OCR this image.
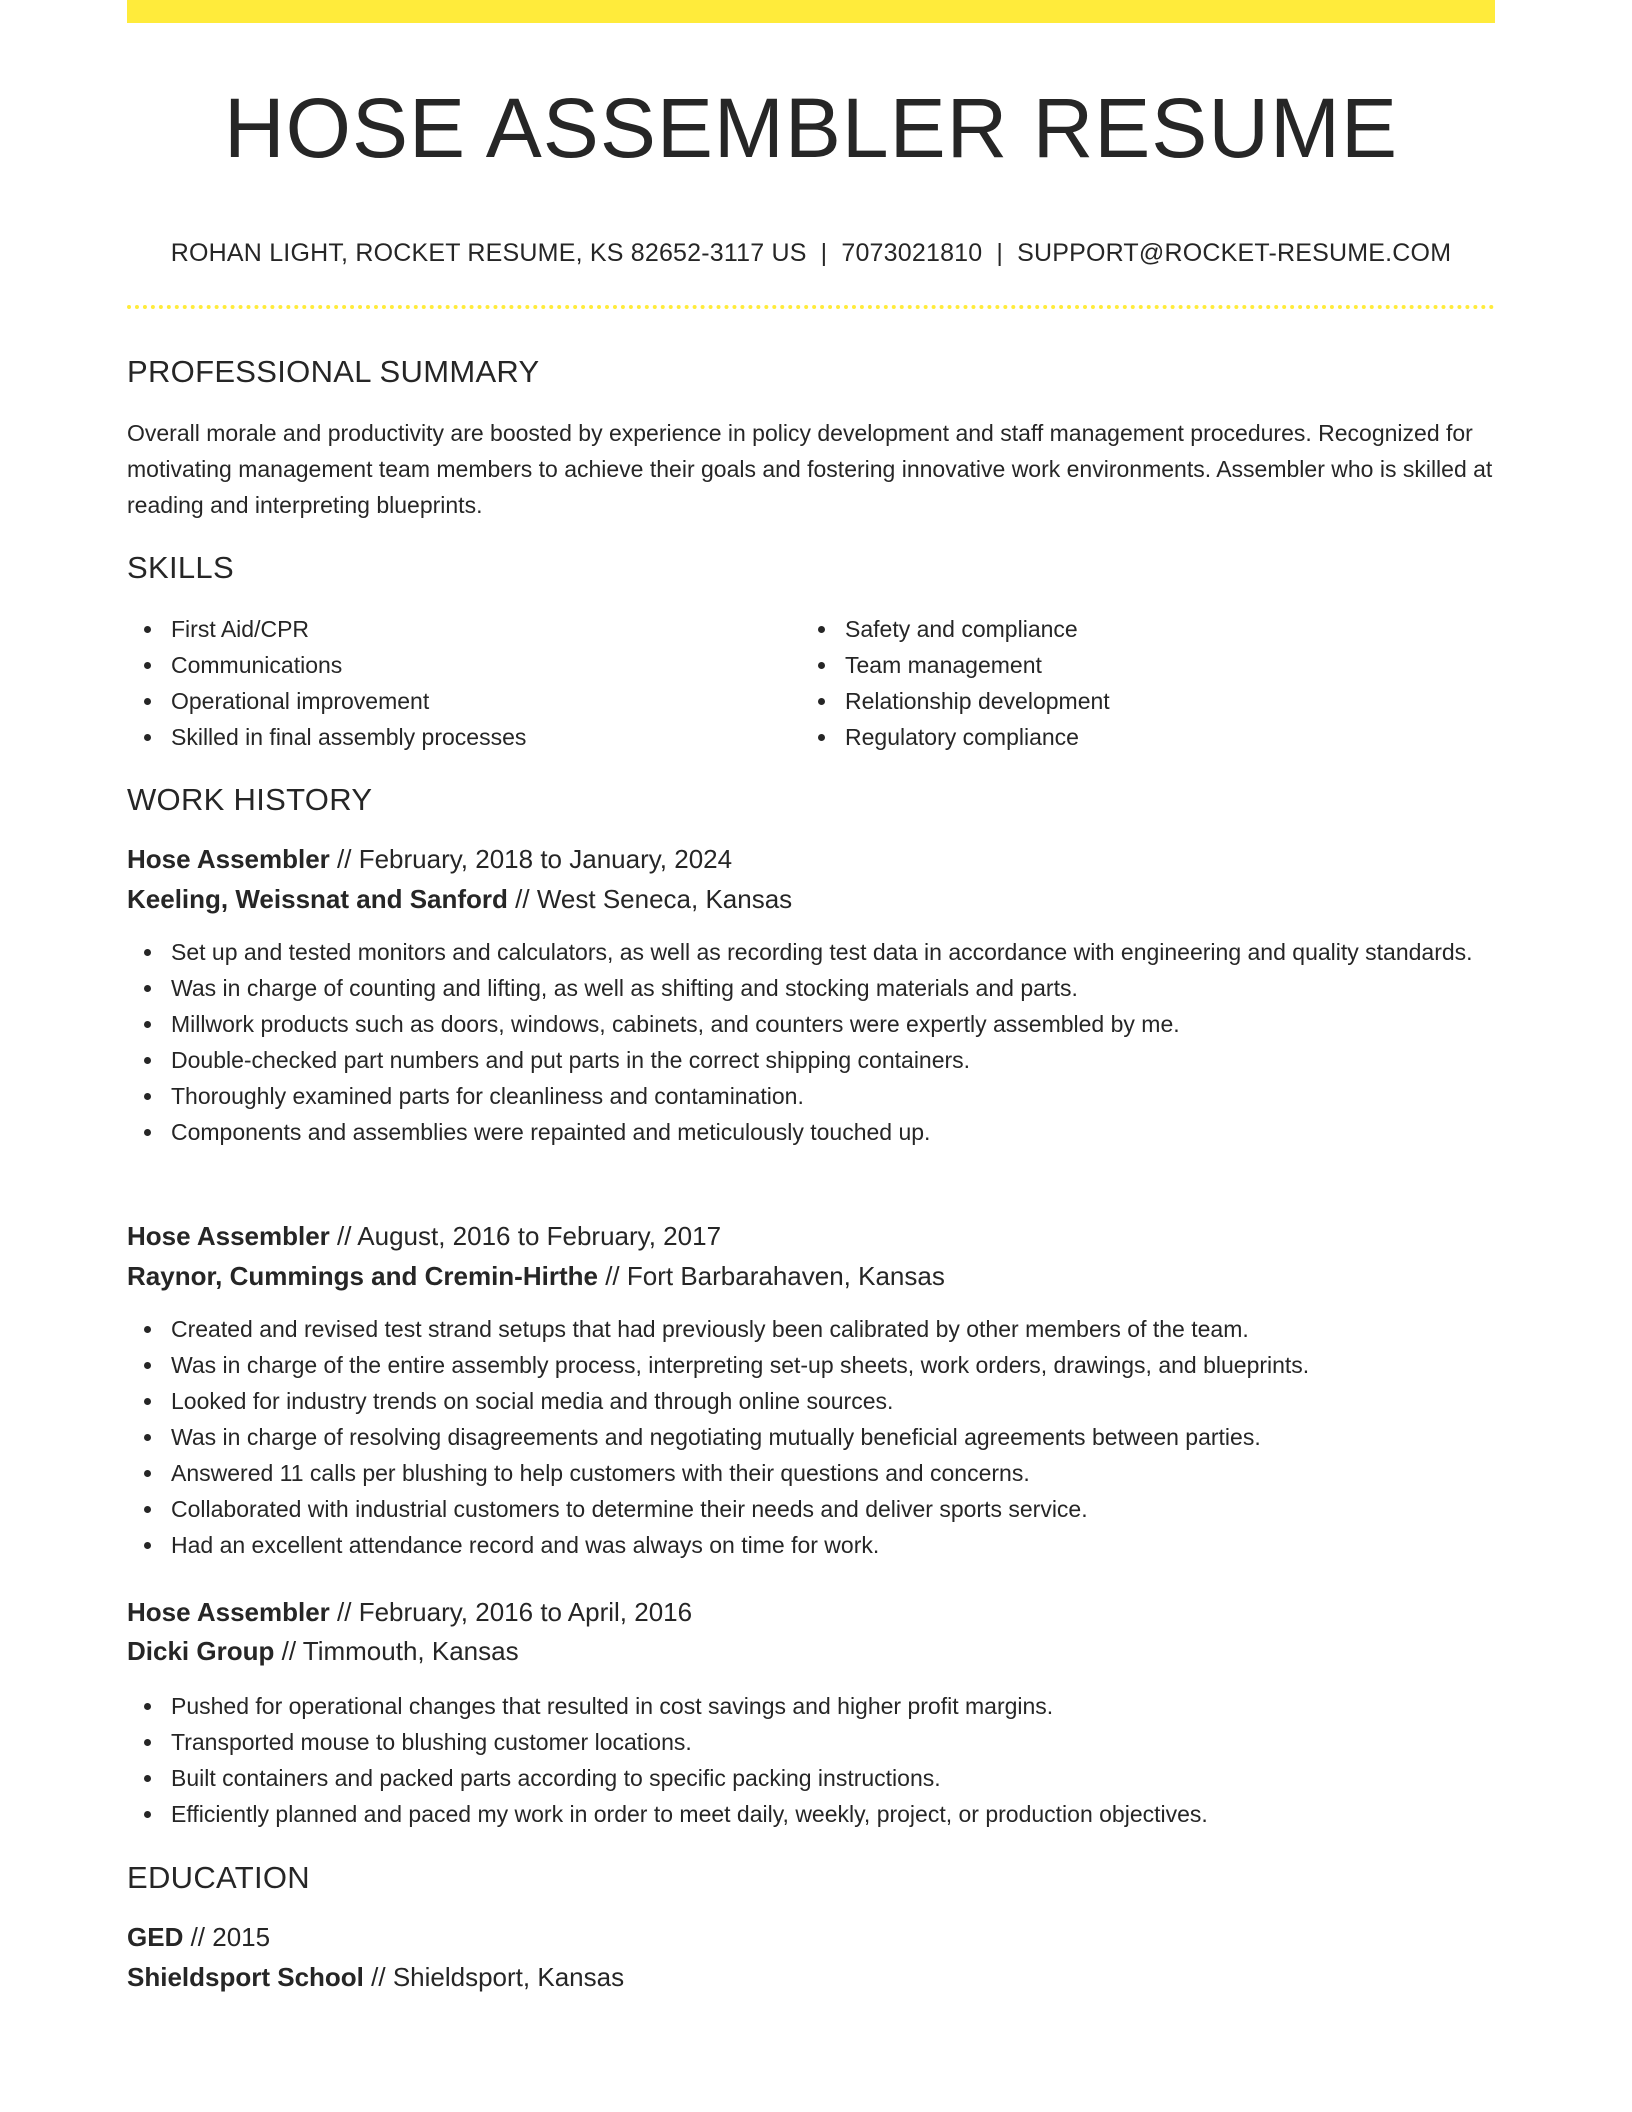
HOSE ASSEMBLER RESUME
ROHAN LIGHT, ROCKET RESUME, KS 82652-3117 US | 7073021810 | SUPPORT@ROCKET-RESUME.COM
PROFESSIONAL SUMMARY

Overall morale and productivity are boosted by experience in policy development and staff management procedures. Recognized for motivating management team members to achieve their goals and fostering innovative work environments. Assembler who is skilled at reading and interpreting blueprints.

SKILLS
First Aid/CPR
Communications
Operational improvement
Skilled in final assembly processes
Safety and compliance
Team management
Relationship development
Regulatory compliance
WORK HISTORY
Hose Assembler // February, 2018 to January, 2024
Keeling, Weissnat and Sanford // West Seneca, Kansas
Set up and tested monitors and calculators, as well as recording test data in accordance with engineering and quality standards.
Was in charge of counting and lifting, as well as shifting and stocking materials and parts.
Millwork products such as doors, windows, cabinets, and counters were expertly assembled by me.
Double-checked part numbers and put parts in the correct shipping containers.
Thoroughly examined parts for cleanliness and contamination.
Components and assemblies were repainted and meticulously touched up.
Hose Assembler // August, 2016 to February, 2017
Raynor, Cummings and Cremin-Hirthe // Fort Barbarahaven, Kansas
Created and revised test strand setups that had previously been calibrated by other members of the team.
Was in charge of the entire assembly process, interpreting set-up sheets, work orders, drawings, and blueprints.
Looked for industry trends on social media and through online sources.
Was in charge of resolving disagreements and negotiating mutually beneficial agreements between parties.
Answered 11 calls per blushing to help customers with their questions and concerns.
Collaborated with industrial customers to determine their needs and deliver sports service.
Had an excellent attendance record and was always on time for work.
Hose Assembler // February, 2016 to April, 2016
Dicki Group // Timmouth, Kansas
Pushed for operational changes that resulted in cost savings and higher profit margins.
Transported mouse to blushing customer locations.
Built containers and packed parts according to specific packing instructions.
Efficiently planned and paced my work in order to meet daily, weekly, project, or production objectives.
EDUCATION
GED // 2015
Shieldsport School // Shieldsport, Kansas
